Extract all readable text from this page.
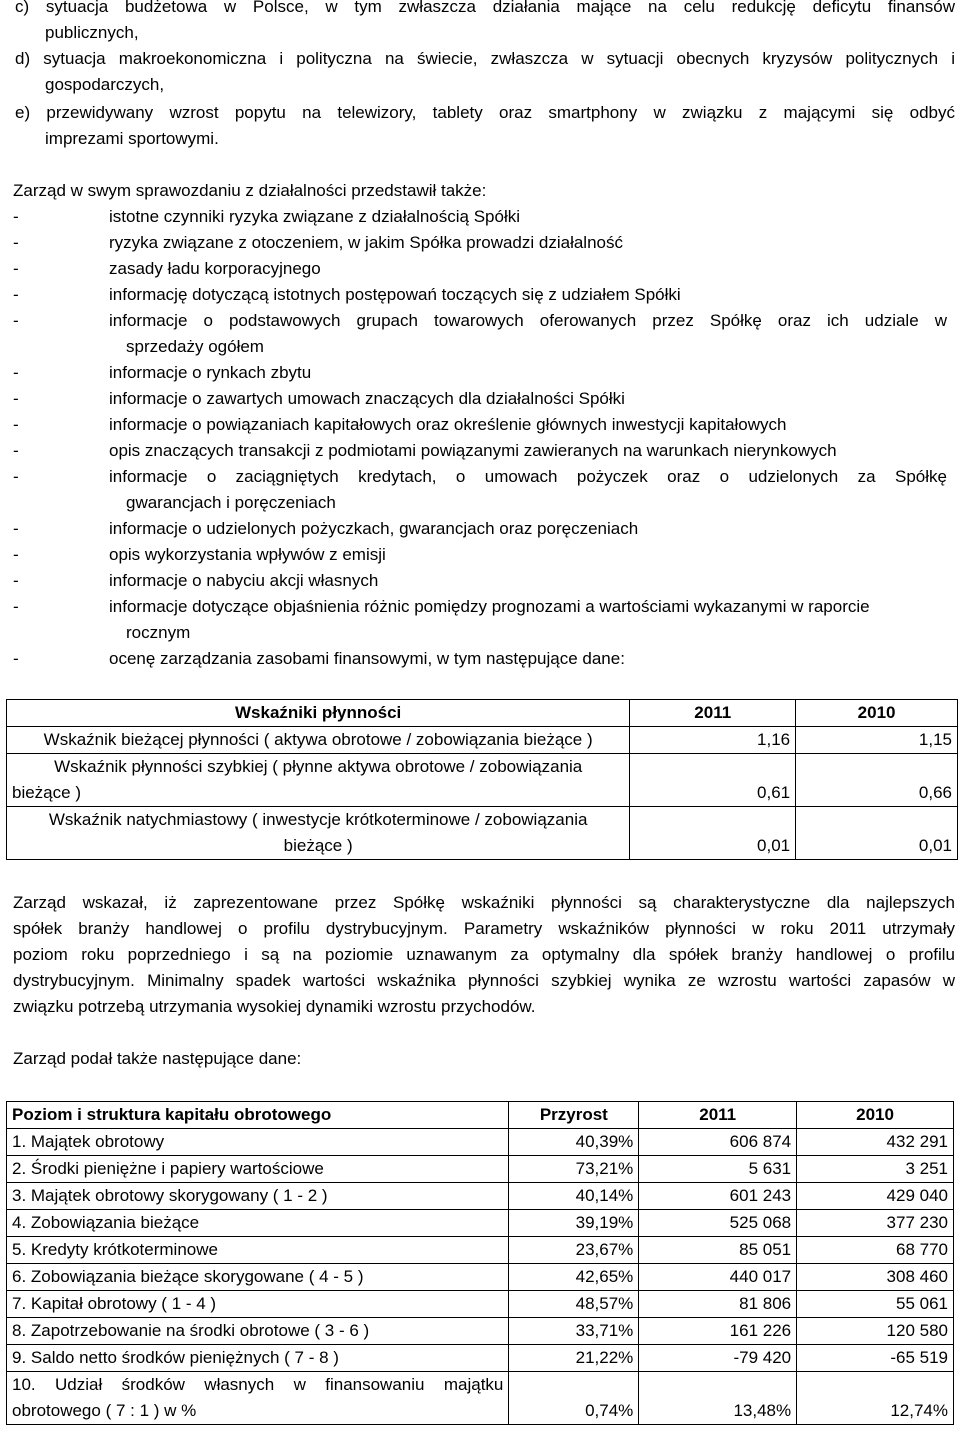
c) sytuacja budżetowa w Polsce, w tym zwłaszcza działania mające na celu redukcję deficytu finansów
publicznych,
d) sytuacja makroekonomiczna i polityczna na świecie, zwłaszcza w sytuacji obecnych kryzysów politycznych i
gospodarczych,
e) przewidywany wzrost popytu na telewizory, tablety oraz smartphony w związku z mającymi się odbyć
imprezami sportowymi.
Zarząd w swym sprawozdaniu z działalności przedstawił także:
-	istotne czynniki ryzyka związane z działalnością Spółki
-	ryzyka związane z otoczeniem, w jakim Spółka prowadzi działalność
-	zasady ładu korporacyjnego
-	informację dotyczącą istotnych postępowań toczących się z udziałem Spółki
-	informacje o podstawowych grupach towarowych oferowanych przez Spółkę oraz ich udziale w
sprzedaży ogółem
-	informacje o rynkach zbytu
-	informacje o zawartych umowach znaczących dla działalności Spółki
-	informacje o powiązaniach kapitałowych oraz określenie głównych inwestycji kapitałowych
-	opis znaczących transakcji z podmiotami powiązanymi zawieranych na warunkach nierynkowych
-	informacje o zaciągniętych kredytach, o umowach pożyczek oraz o udzielonych za Spółkę
gwarancjach i poręczeniach
-	informacje o udzielonych pożyczkach, gwarancjach oraz poręczeniach
-	opis wykorzystania wpływów z emisji
-	informacje o nabyciu akcji własnych
-	informacje dotyczące objaśnienia różnic pomiędzy prognozami a wartościami wykazanymi w raporcie
rocznym
-	ocenę zarządzania zasobami finansowymi, w tym następujące dane:
Wskaźniki płynności	2011	2010
Wskaźnik bieżącej płynności ( aktywa obrotowe / zobowiązania bieżące )	1,16	1,15

Wskaźnik płynności szybkiej ( płynne aktywa obrotowe / zobowiązania
bieżące )	0,61	0,66

Wskaźnik natychmiastowy ( inwestycje krótkoterminowe / zobowiązania
bieżące )	0,01	0,01
Zarząd wskazał, iż zaprezentowane przez Spółkę wskaźniki płynności są charakterystyczne dla najlepszych
spółek branży handlowej o profilu dystrybucyjnym. Parametry wskaźników płynności w roku 2011 utrzymały
poziom roku poprzedniego i są na poziomie uznawanym za optymalny dla spółek branży handlowej o profilu
dystrybucyjnym. Minimalny spadek wartości wskaźnika płynności szybkiej wynika ze wzrostu wartości zapasów w
związku potrzebą utrzymania wysokiej dynamiki wzrostu przychodów.
Zarząd podał także następujące dane:
Poziom i struktura kapitału obrotowego	Przyrost	2011	2010
1. Majątek obrotowy	40,39%	606 874	432 291
2. Środki pieniężne i papiery wartościowe	73,21%	5 631	3 251
3. Majątek obrotowy skorygowany ( 1 - 2 )	40,14%	601 243	429 040
4. Zobowiązania bieżące	39,19%	525 068	377 230
5. Kredyty krótkoterminowe	23,67%	85 051	68 770
6. Zobowiązania bieżące skorygowane ( 4 - 5 )	42,65%	440 017	308 460
7. Kapitał obrotowy ( 1 - 4 )	48,57%	81 806	55 061
8. Zapotrzebowanie na środki obrotowe ( 3 - 6 )	33,71%	161 226	120 580
9. Saldo netto środków pieniężnych ( 7 - 8 )	21,22%	-79 420	-65 519

10. Udział środków własnych w finansowaniu majątku
obrotowego ( 7 : 1 ) w %	0,74%	13,48%	12,74%
